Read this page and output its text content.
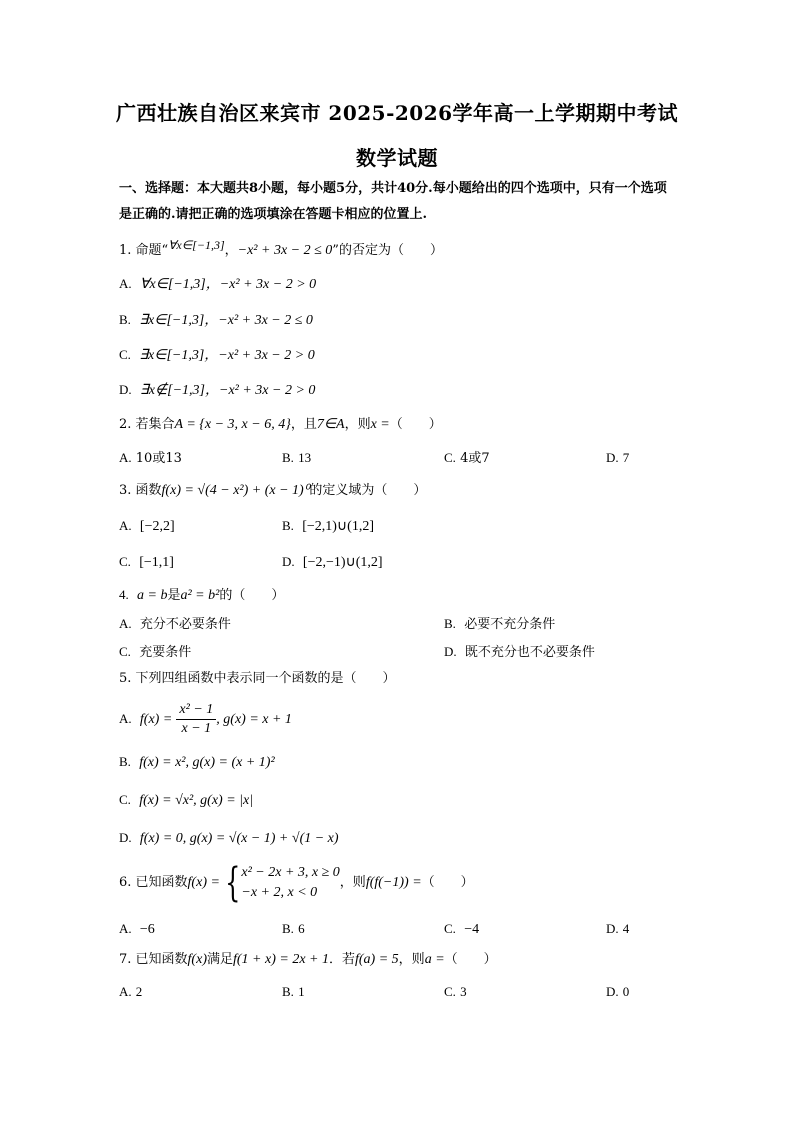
广西壮族自治区来宾市 2025-2026学年高一上学期期中考试
数学试题
一、选择题：本大题共8小题，每小题5分，共计40分.每小题给出的四个选项中，只有一个选项是正确的.请把正确的选项填涂在答题卡相应的位置上.
1. 命题“$^{\forall x\in[-1,3]}$，−x² + 3x − 2 ≤ 0”的否定为（　　）
A. ∀x∈[−1,3]，−x² + 3x − 2 > 0
B. ∃x∈[−1,3]，−x² + 3x − 2 ≤ 0
C. ∃x∈[−1,3]，−x² + 3x − 2 > 0
D. ∃x∉[−1,3]，−x² + 3x − 2 > 0
2. 若集合A = {x − 3, x − 6, 4}，且7∈A，则x =（　　）
A. 10或13	B. 13	C. 4或7	D. 7
3. 函数f(x) = √(4 − x²) + (x − 1)⁰的定义域为（　　）
A. [−2,2]	B. [−2,1)∪(1,2]
C. [−1,1]	D. [−2,−1)∪(1,2]
4. a = b是a² = b²的（　　）
A. 充分不必要条件	B. 必要不充分条件
C. 充要条件	D. 既不充分也不必要条件
5. 下列四组函数中表示同一个函数的是（　　）
A. $f(x) = \frac{\text{x² − 1}}{x - 1}$ , g(x) = x + 1
B. f(x) = x², g(x) = (x + 1)²
C. f(x) = √x², g(x) = |x|
D. f(x) = 0, g(x) = √(x − 1) + √(1 − x)
6. 已知函数f(x) = { x² − 2x + 3, x ≥ 0
−x + 2, x < 0
，则f(f(−1)) =（　　）
A. −6	B. 6	C. −4	D. 4
7. 已知函数f(x)满足f(1 + x) = 2x + 1．若f(a) = 5，则a =（　　）
A. 2	B. 1	C. 3	D. 0
